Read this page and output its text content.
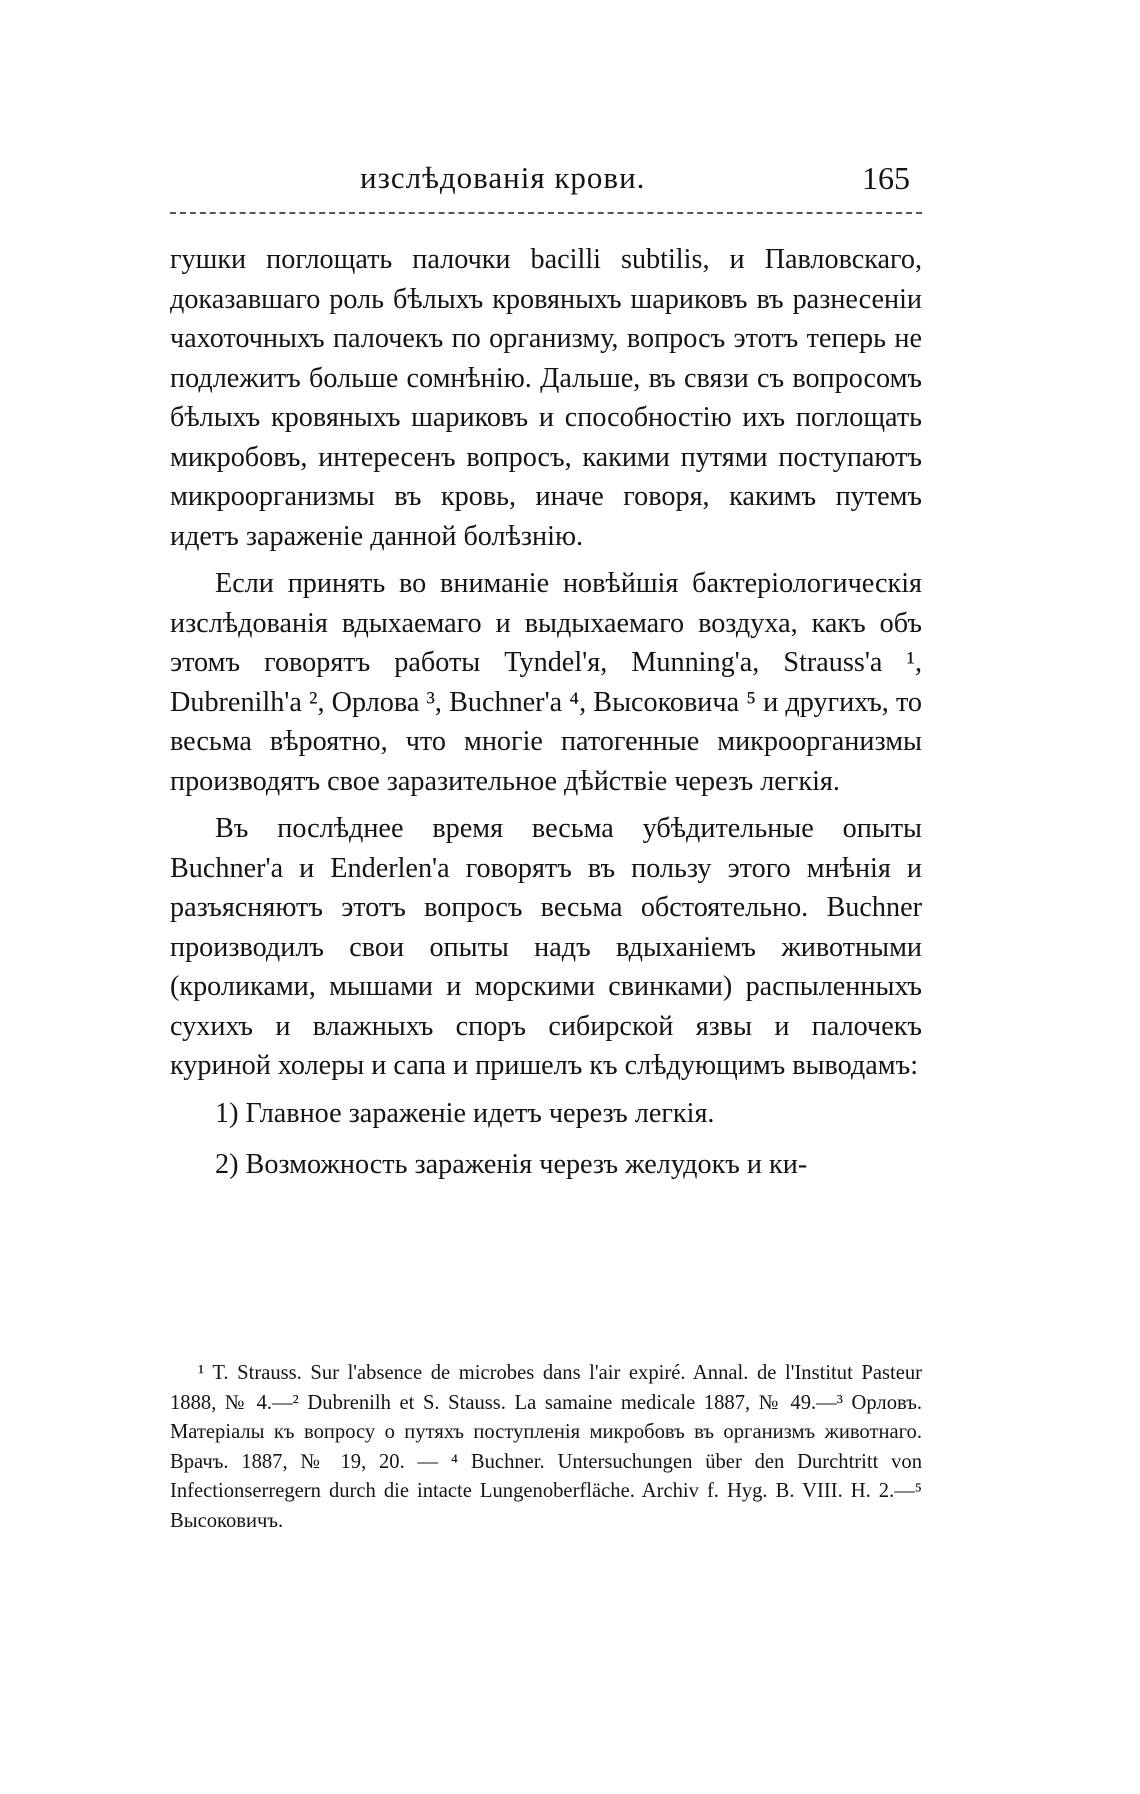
изслѣдованія крови.	165

гушки поглощать палочки bacilli subtilis, и Павловскаго, доказавшаго роль бѣлыхъ кровяныхъ шариковъ въ разнесеніи чахоточныхъ палочекъ по организму, вопросъ этотъ теперь не подлежитъ больше сомнѣнію. Дальше, въ связи съ вопросомъ бѣлыхъ кровяныхъ шариковъ и способностію ихъ поглощать микробовъ, интересенъ вопросъ, какими путями поступаютъ микроорганизмы въ кровь, иначе говоря, какимъ путемъ идетъ зараженіе данной болѣзнію.

Если принять во вниманіе новѣйшія бактеріологическія изслѣдованія вдыхаемаго и выдыхаемаго воздуха, какъ объ этомъ говорятъ работы Tyndel'я, Munning'a, Strauss'a ¹, Dubrenilh'a ², Орлова ³, Buchner'a ⁴, Высоковича ⁵ и другихъ, то весьма вѣроятно, что многіе патогенные микроорганизмы производятъ свое заразительное дѣйствіе черезъ легкія.

Въ послѣднее время весьма убѣдительные опыты Buchner'a и Enderlen'a говорятъ въ пользу этого мнѣнія и разъясняютъ этотъ вопросъ весьма обстоятельно. Buchner производилъ свои опыты надъ вдыханіемъ животными (кроликами, мышами и морскими свинками) распыленныхъ сухихъ и влажныхъ споръ сибирской язвы и палочекъ куриной холеры и сапа и пришелъ къ слѣдующимъ выводамъ:

1) Главное зараженіе идетъ черезъ легкія.

2) Возможность зараженія черезъ желудокъ и ки-

¹ T. Strauss. Sur l'absence de microbes dans l'air expiré. Annal. de l'Institut Pasteur 1888, № 4.—² Dubrenilh et S. Stauss. La samaine medicale 1887, № 49.—³ Орловъ. Матеріалы къ вопросу о путяхъ поступленія микробовъ въ организмъ животнаго. Врачъ. 1887, № 19, 20. — ⁴ Buchner. Untersuchungen über den Durchtritt von Infectionserregern durch die intacte Lungenoberfläche. Archiv f. Hyg. B. VIII. H. 2.—⁵ Высоковичъ.
